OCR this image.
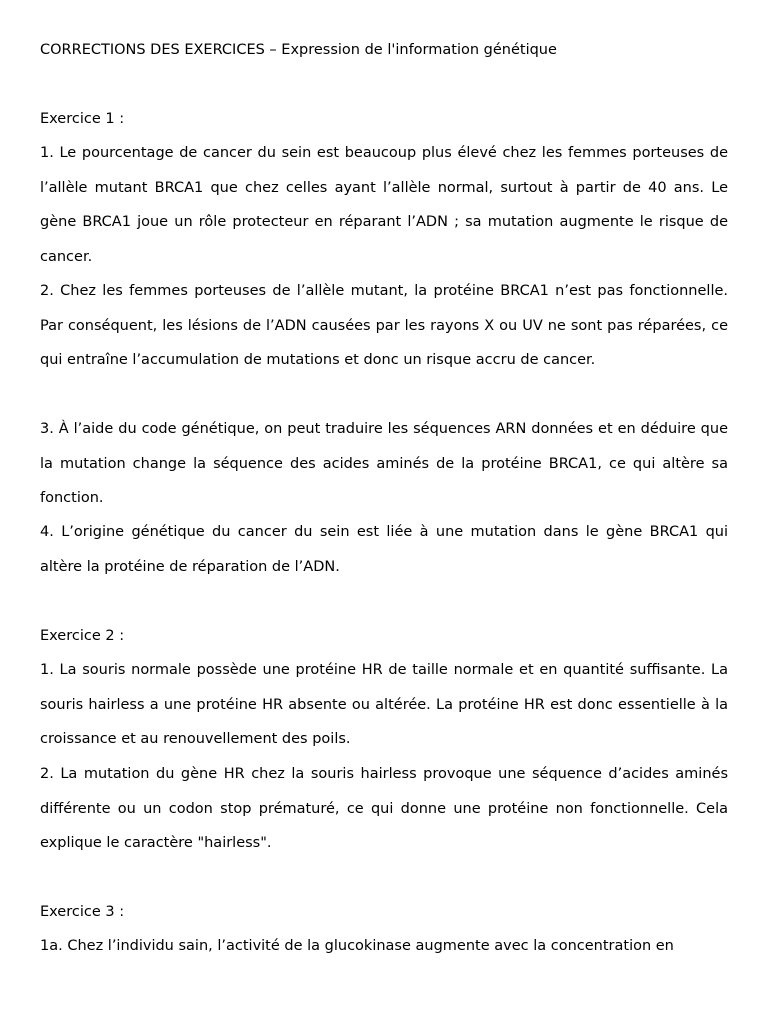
CORRECTIONS DES EXERCICES – Expression de l'information génétique
Exercice 1 :

1. Le pourcentage de cancer du sein est beaucoup plus élevé chez les femmes porteuses de l’allèle mutant BRCA1 que chez celles ayant l’allèle normal, surtout à partir de 40 ans. Le gène BRCA1 joue un rôle protecteur en réparant l’ADN ; sa mutation augmente le risque de cancer.

2. Chez les femmes porteuses de l’allèle mutant, la protéine BRCA1 n’est pas fonctionnelle. Par conséquent, les lésions de l’ADN causées par les rayons X ou UV ne sont pas réparées, ce qui entraîne l’accumulation de mutations et donc un risque accru de cancer.

3. À l’aide du code génétique, on peut traduire les séquences ARN données et en déduire que la mutation change la séquence des acides aminés de la protéine BRCA1, ce qui altère sa fonction.

4. L’origine génétique du cancer du sein est liée à une mutation dans le gène BRCA1 qui altère la protéine de réparation de l’ADN.

Exercice 2 :

1. La souris normale possède une protéine HR de taille normale et en quantité suffisante. La souris hairless a une protéine HR absente ou altérée. La protéine HR est donc essentielle à la croissance et au renouvellement des poils.

2. La mutation du gène HR chez la souris hairless provoque une séquence d’acides aminés différente ou un codon stop prématuré, ce qui donne une protéine non fonctionnelle. Cela explique le caractère "hairless".

Exercice 3 :

1a. Chez l’individu sain, l’activité de la glucokinase augmente avec la concentration en
